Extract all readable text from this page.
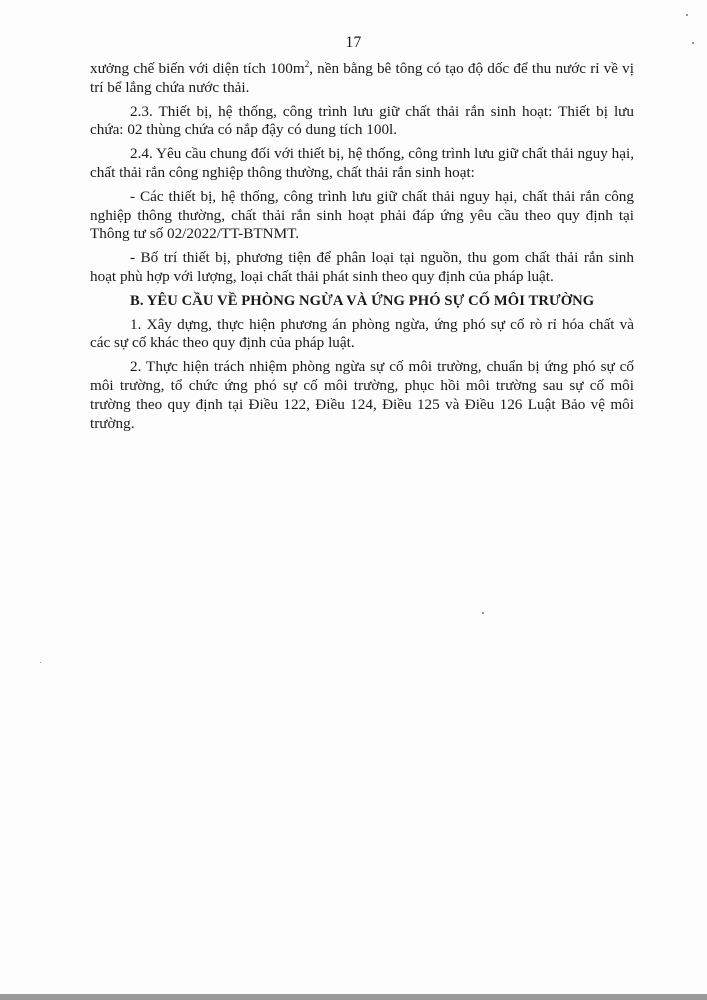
17

xưởng chế biến với diện tích $100m^2$, nền bằng bê tông có tạo độ dốc để thu nước rỉ về vị trí bể lắng chứa nước thải.

2.3. Thiết bị, hệ thống, công trình lưu giữ chất thải rắn sinh hoạt: Thiết bị lưu chứa: 02 thùng chứa có nắp đậy có dung tích 100l.

2.4. Yêu cầu chung đối với thiết bị, hệ thống, công trình lưu giữ chất thải nguy hại, chất thải rắn công nghiệp thông thường, chất thải rắn sinh hoạt:

- Các thiết bị, hệ thống, công trình lưu giữ chất thải nguy hại, chất thải rắn công nghiệp thông thường, chất thải rắn sinh hoạt phải đáp ứng yêu cầu theo quy định tại Thông tư số 02/2022/TT-BTNMT.

- Bố trí thiết bị, phương tiện để phân loại tại nguồn, thu gom chất thải rắn sinh hoạt phù hợp với lượng, loại chất thải phát sinh theo quy định của pháp luật.

B. YÊU CẦU VỀ PHÒNG NGỪA VÀ ỨNG PHÓ SỰ CỐ MÔI TRƯỜNG

1. Xây dựng, thực hiện phương án phòng ngừa, ứng phó sự cố rò rỉ hóa chất và các sự cố khác theo quy định của pháp luật.

2. Thực hiện trách nhiệm phòng ngừa sự cố môi trường, chuẩn bị ứng phó sự cố môi trường, tổ chức ứng phó sự cố môi trường, phục hồi môi trường sau sự cố môi trường theo quy định tại Điều 122, Điều 124, Điều 125 và Điều 126 Luật Bảo vệ môi trường.
